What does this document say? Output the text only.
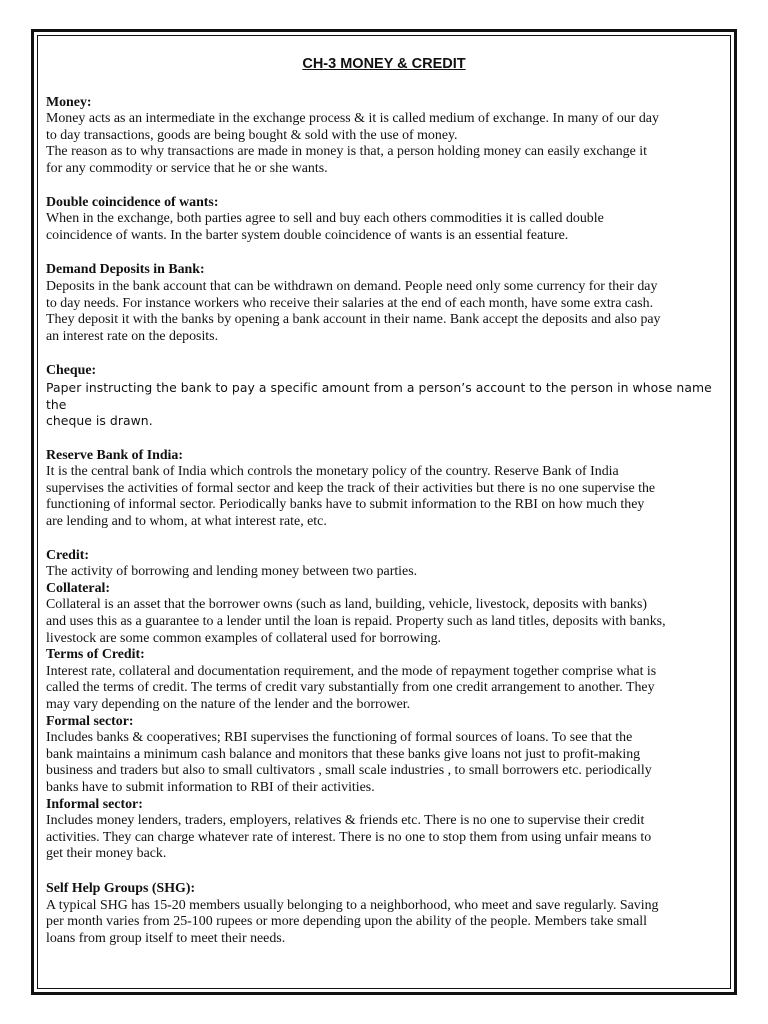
CH-3 MONEY & CREDIT
Money:

Money acts as an intermediate in the exchange process & it is called medium of exchange. In many of our day
to day transactions, goods are being bought & sold with the use of money.

The reason as to why transactions are made in money is that, a person holding money can easily exchange it
for any commodity or service that he or she wants.

Double coincidence of wants:

When in the exchange, both parties agree to sell and buy each others commodities it is called double
coincidence of wants. In the barter system double coincidence of wants is an essential feature.

Demand Deposits in Bank:

Deposits in the bank account that can be withdrawn on demand. People need only some currency for their day
to day needs. For instance workers who receive their salaries at the end of each month, have some extra cash.
They deposit it with the banks by opening a bank account in their name. Bank accept the deposits and also pay
an interest rate on the deposits.

Cheque:

Paper instructing the bank to pay a specific amount from a person’s account to the person in whose name the
cheque is drawn.

Reserve Bank of India:

It is the central bank of India which controls the monetary policy of the country. Reserve Bank of India
supervises the activities of formal sector and keep the track of their activities but there is no one supervise the
functioning of informal sector. Periodically banks have to submit information to the RBI on how much they
are lending and to whom, at what interest rate, etc.

Credit:

The activity of borrowing and lending money between two parties.

Collateral:

Collateral is an asset that the borrower owns (such as land, building, vehicle, livestock, deposits with banks)
and uses this as a guarantee to a lender until the loan is repaid. Property such as land titles, deposits with banks,
livestock are some common examples of collateral used for borrowing.

Terms of Credit:

Interest rate, collateral and documentation requirement, and the mode of repayment together comprise what is
called the terms of credit. The terms of credit vary substantially from one credit arrangement to another. They
may vary depending on the nature of the lender and the borrower.

Formal sector:

Includes banks & cooperatives; RBI supervises the functioning of formal sources of loans. To see that the
bank maintains a minimum cash balance and monitors that these banks give loans not just to profit-making
business and traders but also to small cultivators , small scale industries , to small borrowers etc. periodically
banks have to submit information to RBI of their activities.

Informal sector:

Includes money lenders, traders, employers, relatives & friends etc. There is no one to supervise their credit
activities. They can charge whatever rate of interest. There is no one to stop them from using unfair means to
get their money back.

Self Help Groups (SHG):

A typical SHG has 15-20 members usually belonging to a neighborhood, who meet and save regularly. Saving
per month varies from 25-100 rupees or more depending upon the ability of the people. Members take small
loans from group itself to meet their needs.
